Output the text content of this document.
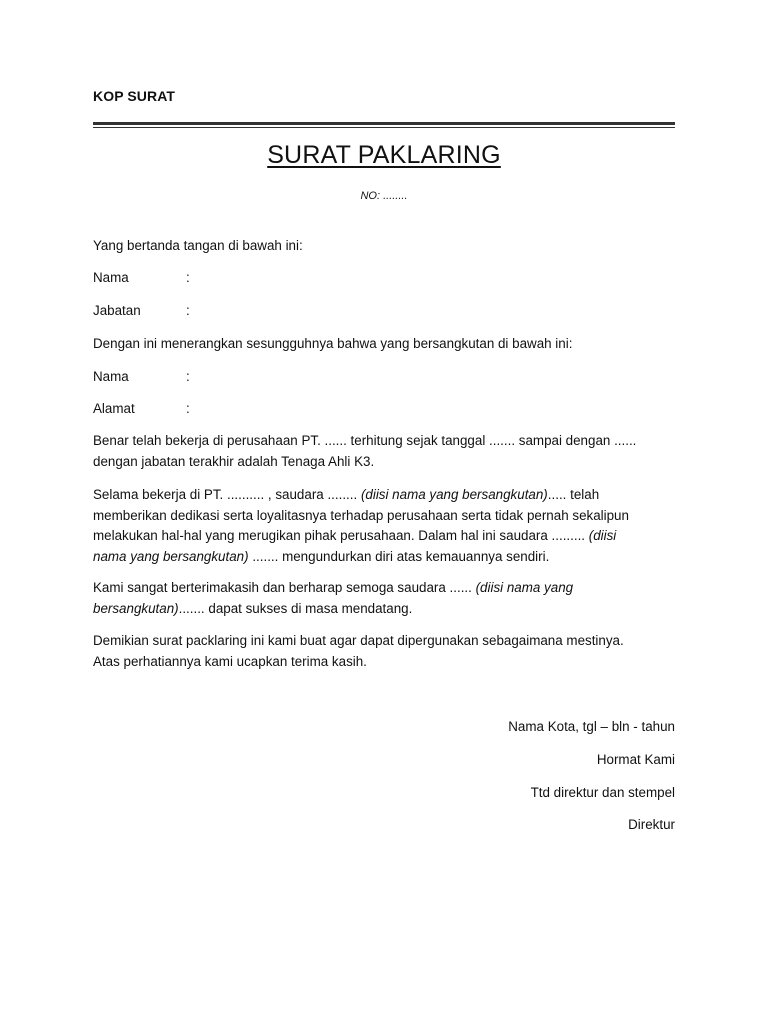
KOP SURAT
SURAT PAKLARING
NO: ........
Yang bertanda tangan di bawah ini:
Nama	:
Jabatan	:
Dengan ini menerangkan sesungguhnya bahwa yang bersangkutan di bawah ini:
Nama	:
Alamat	:

Benar telah bekerja di perusahaan PT. ...... terhitung sejak tanggal ....... sampai dengan ......

dengan jabatan terakhir adalah Tenaga Ahli K3.

Selama bekerja di PT. .......... , saudara ........ (diisi nama yang bersangkutan)..... telah

memberikan dedikasi serta loyalitasnya terhadap perusahaan serta tidak pernah sekalipun

melakukan hal-hal yang merugikan pihak perusahaan. Dalam hal ini saudara ......... (diisi

nama yang bersangkutan) ....... mengundurkan diri atas kemauannya sendiri.

Kami sangat berterimakasih dan berharap semoga saudara ...... (diisi nama yang

bersangkutan)....... dapat sukses di masa mendatang.

Demikian surat packlaring ini kami buat agar dapat dipergunakan sebagaimana mestinya.

Atas perhatiannya kami ucapkan terima kasih.

Nama Kota, tgl – bln - tahun
Hormat Kami
Ttd direktur dan stempel
Direktur
